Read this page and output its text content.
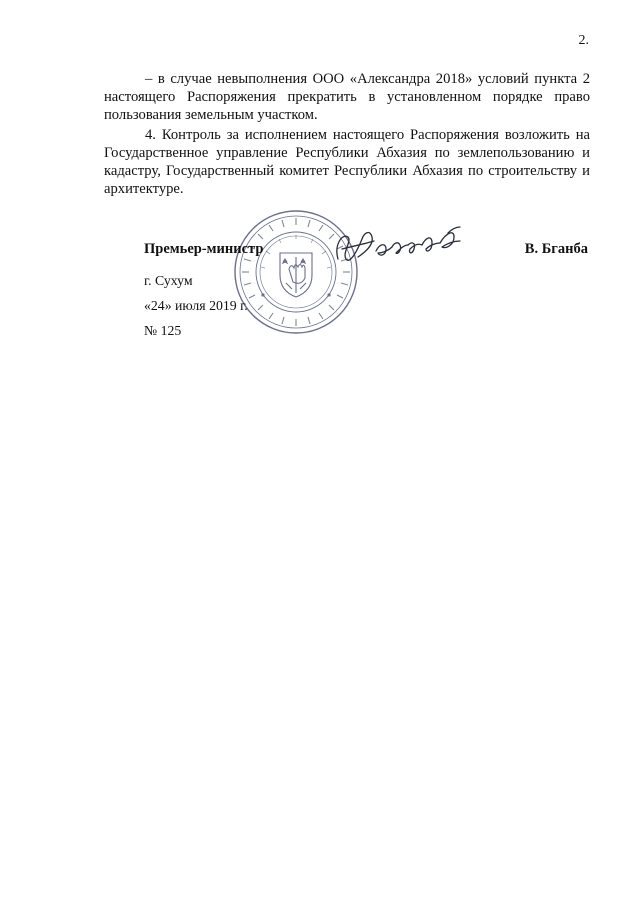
2.

– в случае невыполнения ООО «Александра 2018» условий пункта 2 настоящего Распоряжения прекратить в установленном порядке право пользования земельным участком.

4. Контроль за исполнением настоящего Распоряжения возложить на Государственное управление Республики Абхазия по землепользованию и кадастру, Государственный комитет Республики Абхазия по строительству и архитектуре.

Премьер-министр	В. Бганба
г. Сухум
«24» июля 2019 г.
№ 125
